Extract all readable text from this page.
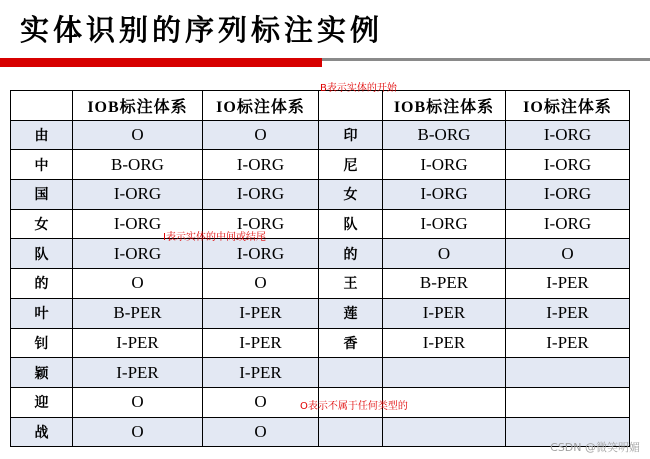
实体识别的序列标注实例
	IOB标注体系	IO标注体系		IOB标注体系	IO标注体系
由	O	O	印	B-ORG	I-ORG
中	B-ORG	I-ORG	尼	I-ORG	I-ORG
国	I-ORG	I-ORG	女	I-ORG	I-ORG
女	I-ORG	I-ORG	队	I-ORG	I-ORG
队	I-ORG	I-ORG	的	O	O
的	O	O	王	B-PER	I-PER
叶	B-PER	I-PER	莲	I-PER	I-PER
钊	I-PER	I-PER	香	I-PER	I-PER
颖	I-PER	I-PER			
迎	O	O			
战	O	O			
B表示实体的开始
I表示实体的中间或结尾
O表示不属于任何类型的
CSDN @微笑明媚
